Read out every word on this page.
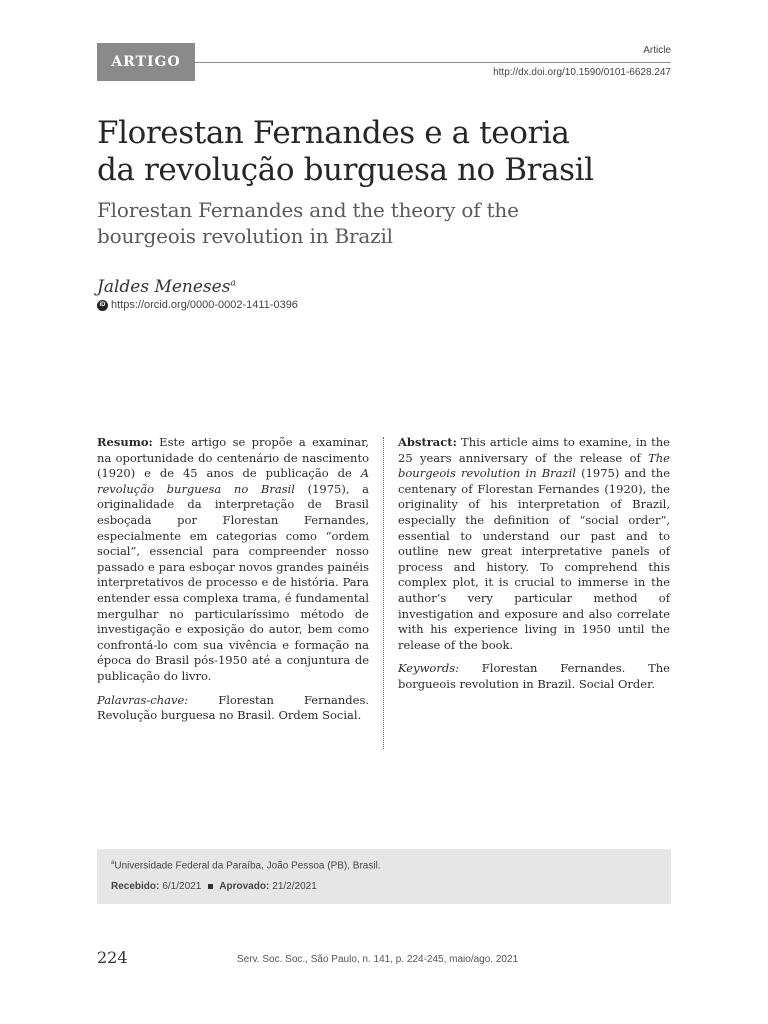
ARTIGO
Article
http://dx.doi.org/10.1590/0101-6628.247
Florestan Fernandes e a teoria
da revolução burguesa no Brasil
Florestan Fernandes and the theory of the
bourgeois revolution in Brazil
Jaldes Meneses$^a$
iD https://orcid.org/0000-0002-1411-0396

Resumo: Este artigo se propõe a examinar, na oportunidade do centenário de nascimento (1920) e de 45 anos de publicação de A revolução burguesa no Brasil (1975), a originalidade da interpretação de Brasil esboçada por Florestan Fernandes, especialmente em categorias como “ordem social”, essencial para compreender nosso passado e para esboçar novos grandes painéis interpretativos de processo e de história. Para entender essa complexa trama, é fundamental mergulhar no particularíssimo método de investigação e exposição do autor, bem como confrontá-lo com sua vivência e formação na época do Brasil pós-1950 até a conjuntura de publicação do livro.

Palavras-chave:	Florestan Fernandes. Revolução burguesa no Brasil. Ordem Social.

Abstract: This article aims to examine, in the 25 years anniversary of the release of The bourgeois revolution in Brazil (1975) and the centenary of Florestan Fernandes (1920), the originality of his interpretation of Brazil, especially the definition of “social order”, essential to understand our past and to outline new great interpretative panels of process and history. To comprehend this complex plot, it is crucial to immerse in the author’s very particular method of investigation and exposure and also correlate with his experience living in 1950 until the release of the book.

Keywords: Florestan Fernandes. The borgueois revolution in Brazil. Social Order.

$^a$Universidade Federal da Paraíba, João Pessoa (PB), Brasil.
Recebido: 6/1/2021 Aprovado: 21/2/2021
224	Serv. Soc. Soc., São Paulo, n. 141, p. 224-245, maio/ago. 2021
